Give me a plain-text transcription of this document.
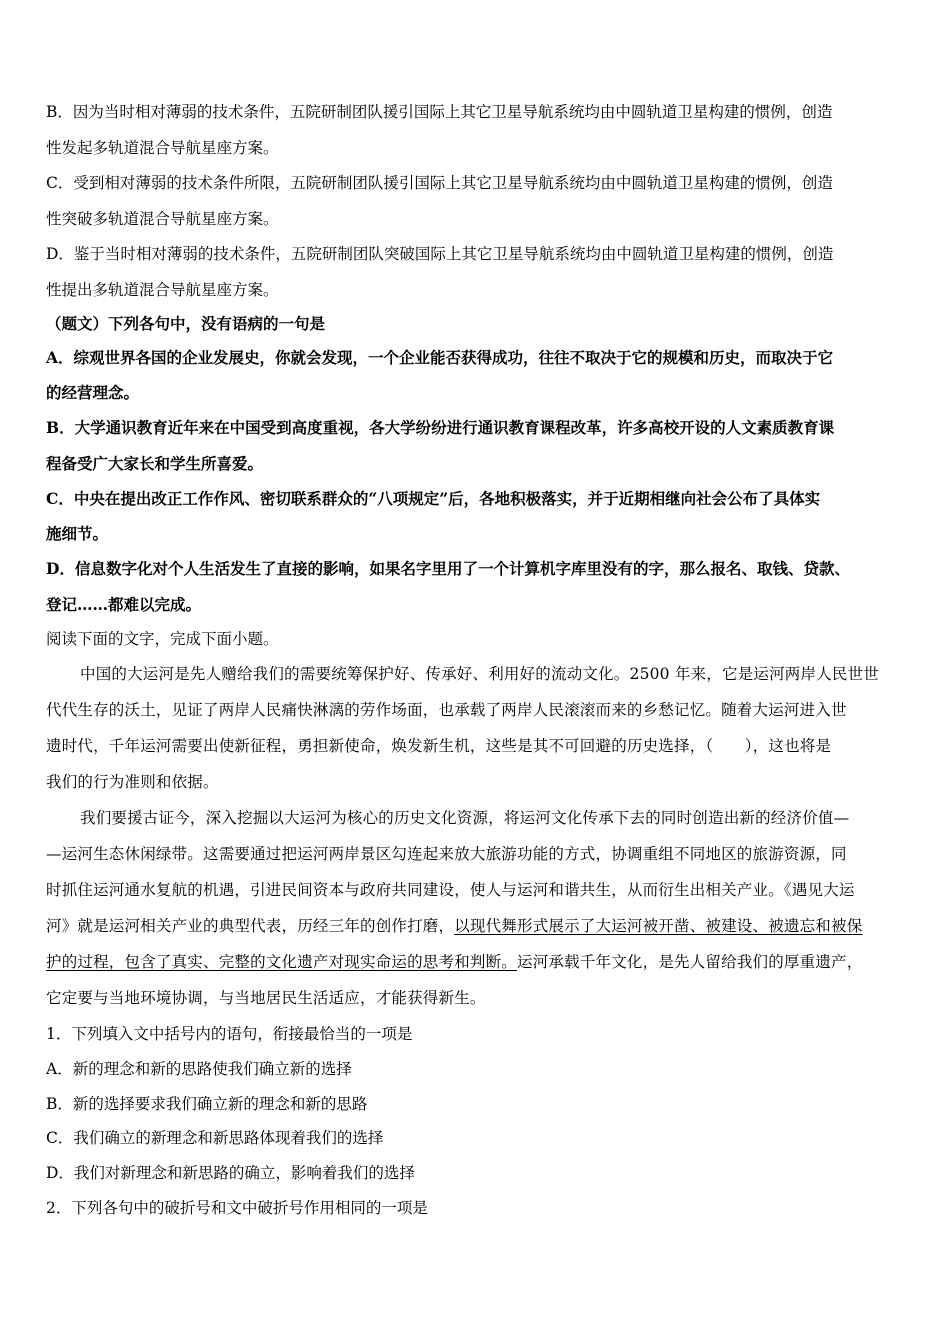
B．因为当时相对薄弱的技术条件，五院研制团队援引国际上其它卫星导航系统均由中圆轨道卫星构建的惯例，创造
性发起多轨道混合导航星座方案。
C．受到相对薄弱的技术条件所限，五院研制团队援引国际上其它卫星导航系统均由中圆轨道卫星构建的惯例，创造
性突破多轨道混合导航星座方案。
D．鉴于当时相对薄弱的技术条件，五院研制团队突破国际上其它卫星导航系统均由中圆轨道卫星构建的惯例，创造
性提出多轨道混合导航星座方案。
（题文）下列各句中，没有语病的一句是
A．综观世界各国的企业发展史，你就会发现，一个企业能否获得成功，往往不取决于它的规模和历史，而取决于它
的经营理念。
B．大学通识教育近年来在中国受到高度重视，各大学纷纷进行通识教育课程改革，许多高校开设的人文素质教育课
程备受广大家长和学生所喜爱。
C．中央在提出改正工作作风、密切联系群众的“八项规定”后，各地积极落实，并于近期相继向社会公布了具体实
施细节。
D．信息数字化对个人生活发生了直接的影响，如果名字里用了一个计算机字库里没有的字，那么报名、取钱、贷款、
登记……都难以完成。
阅读下面的文字，完成下面小题。
中国的大运河是先人赠给我们的需要统筹保护好、传承好、利用好的流动文化。2500 年来，它是运河两岸人民世世
代代生存的沃土，见证了两岸人民痛快淋漓的劳作场面，也承载了两岸人民滚滚而来的乡愁记忆。随着大运河进入世
遗时代，千年运河需要出使新征程，勇担新使命，焕发新生机，这些是其不可回避的历史选择，（　　），这也将是
我们的行为准则和依据。
我们要援古证今，深入挖掘以大运河为核心的历史文化资源，将运河文化传承下去的同时创造出新的经济价值—
—运河生态休闲绿带。这需要通过把运河两岸景区勾连起来放大旅游功能的方式，协调重组不同地区的旅游资源，同
时抓住运河通水复航的机遇，引进民间资本与政府共同建设，使人与运河和谐共生，从而衍生出相关产业。《遇见大运
河》就是运河相关产业的典型代表，历经三年的创作打磨，以现代舞形式展示了大运河被开凿、被建设、被遗忘和被保
护的过程，包含了真实、完整的文化遗产对现实命运的思考和判断。运河承载千年文化，是先人留给我们的厚重遗产，
它定要与当地环境协调，与当地居民生活适应，才能获得新生。
1．下列填入文中括号内的语句，衔接最恰当的一项是
A．新的理念和新的思路使我们确立新的选择
B．新的选择要求我们确立新的理念和新的思路
C．我们确立的新理念和新思路体现着我们的选择
D．我们对新理念和新思路的确立，影响着我们的选择
2．下列各句中的破折号和文中破折号作用相同的一项是
